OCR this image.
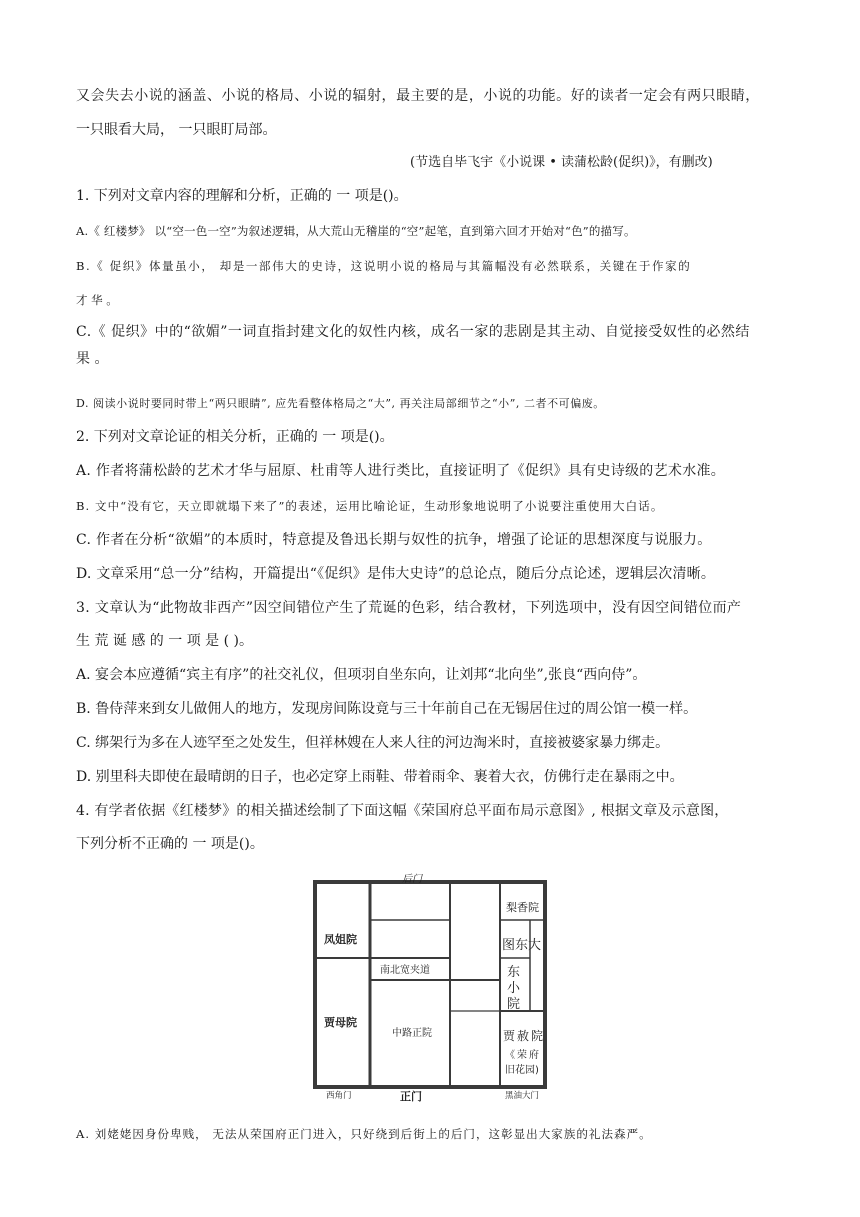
又会失去小说的涵盖、小说的格局、小说的辐射，最主要的是，小说的功能。好的读者一定会有两只眼睛，
一只眼看大局， 一只眼盯局部。
(节选自毕飞宇《小说课 • 读蒲松龄(促织)》，有删改)
1. 下列对文章内容的理解和分析，正确的 一 项是()。
A.《 红楼梦》 以“空一色一空”为叙述逻辑，从大荒山无稽崖的“空”起笔，直到第六回才开始对“色”的描写。
B.《 促织》体量虽小， 却是一部伟大的史诗，这说明小说的格局与其篇幅没有必然联系，关键在于作家的
才 华 。
C.《 促织》中的“欲媚”一词直指封建文化的奴性内核，成名一家的悲剧是其主动、自觉接受奴性的必然结
果 。
D. 阅读小说时要同时带上“两只眼睛”, 应先看整体格局之“大”, 再关注局部细节之“小”, 二者不可偏废。
2. 下列对文章论证的相关分析，正确的 一 项是()。
A. 作者将蒲松龄的艺术才华与屈原、杜甫等人进行类比，直接证明了《促织》具有史诗级的艺术水准。
B. 文中“没有它，天立即就塌下来了”的表述，运用比喻论证，生动形象地说明了小说要注重使用大白话。
C. 作者在分析“欲媚”的本质时，特意提及鲁迅长期与奴性的抗争，增强了论证的思想深度与说服力。
D. 文章采用“总一分”结构，开篇提出“《促织》是伟大史诗”的总论点，随后分点论述，逻辑层次清晰。
3. 文章认为“此物故非西产”因空间错位产生了荒诞的色彩，结合教材，下列选项中，没有因空间错位而产
生 荒 诞 感 的 一 项 是 ( )。
A. 宴会本应遵循“宾主有序”的社交礼仪，但项羽自坐东向，让刘邦“北向坐”,张良“西向侍”。
B. 鲁侍萍来到女儿做佣人的地方，发现房间陈设竟与三十年前自己在无锡居住过的周公馆一模一样。
C. 绑架行为多在人迹罕至之处发生，但祥林嫂在人来人往的河边淘米时，直接被婆家暴力绑走。
D. 别里科夫即使在最晴朗的日子，也必定穿上雨鞋、带着雨伞、裹着大衣，仿佛行走在暴雨之中。
4. 有学者依据《红楼梦》的相关描述绘制了下面这幅《荣国府总平面布局示意图》, 根据文章及示意图，
下列分析不正确的 一 项是()。
后门
梨香院
凤姐院	图东大
南北宽夹道	东
小
院
贾母院
中路正院	贾赦院
《荣府
旧花园)
西角门	正门	黑油大门
A. 刘姥姥因身份卑贱， 无法从荣国府正门进入，只好绕到后街上的后门，这彰显出大家族的礼法森严。
